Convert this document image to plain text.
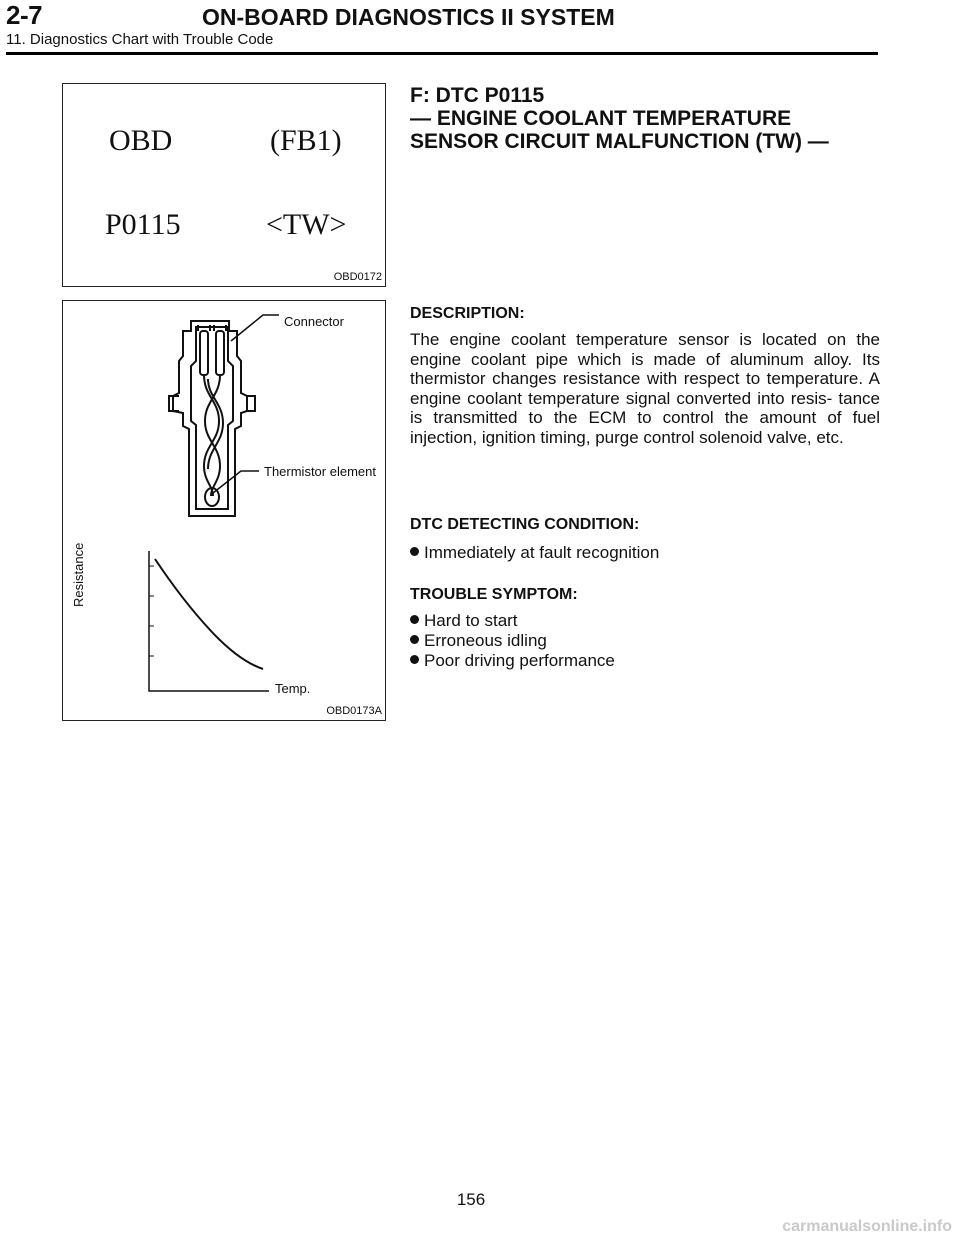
2-7	ON-BOARD DIAGNOSTICS II SYSTEM
11. Diagnostics Chart with Trouble Code
OBD	(FB1)
P0115	<TW>
OBD0172
Connector
Thermistor element
Resistance
Temp.
OBD0173A
F: DTC P0115
— ENGINE COOLANT TEMPERATURE
SENSOR CIRCUIT MALFUNCTION (TW) —
DESCRIPTION:
The engine coolant temperature sensor is located on the engine coolant pipe which is made of aluminum alloy. Its thermistor changes resistance with respect to temperature. A engine coolant temperature signal converted into resis- tance is transmitted to the ECM to control the amount of fuel injection, ignition timing, purge control solenoid valve, etc.
DTC DETECTING CONDITION:
Immediately at fault recognition
TROUBLE SYMPTOM:
Hard to start
Erroneous idling
Poor driving performance
156
carmanualsonline.info
